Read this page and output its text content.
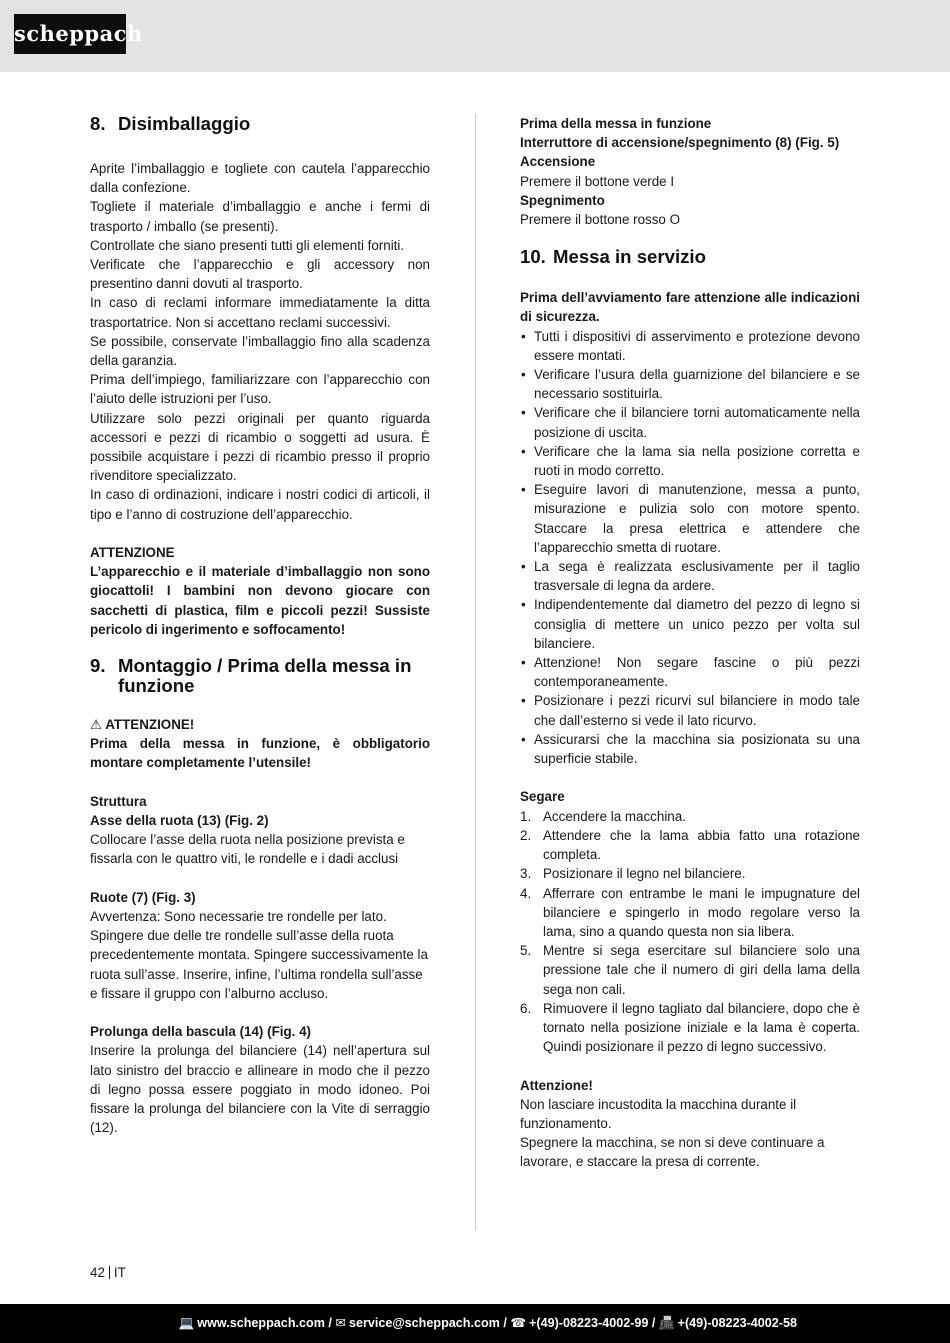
scheppach
8. Disimballaggio

Aprite l’imballaggio e togliete con cautela l’apparecchio dalla confezione.

Togliete il materiale d’imballaggio e anche i fermi di trasporto / imballo (se presenti).

Controllate che siano presenti tutti gli elementi forniti.

Verificate che l’apparecchio e gli accessory non presentino danni dovuti al trasporto.

In caso di reclami informare immediatamente la ditta trasportatrice. Non si accettano reclami successivi.

Se possibile, conservate l’imballaggio fino alla scadenza della garanzia.

Prima dell’impiego, familiarizzare con l’apparecchio con l’aiuto delle istruzioni per l’uso.

Utilizzare solo pezzi originali per quanto riguarda accessori e pezzi di ricambio o soggetti ad usura. È possibile acquistare i pezzi di ricambio presso il proprio rivenditore specializzato.

In caso di ordinazioni, indicare i nostri codici di articoli, il tipo e l’anno di costruzione dell’apparecchio.

ATTENZIONE

L’apparecchio e il materiale d’imballaggio non sono giocattoli! I bambini non devono giocare con sacchetti di plastica, film e piccoli pezzi! Sussiste pericolo di ingerimento e soffocamento!

9. Montaggio / Prima della messa in
funzione
⚠ ATTENZIONE!

Prima della messa in funzione, è obbligatorio montare completamente l’utensile!

Struttura
Asse della ruota (13) (Fig. 2)

Collocare l’asse della ruota nella posizione prevista e fissarla con le quattro viti, le rondelle e i dadi acclusi

Ruote (7) (Fig. 3)

Avvertenza: Sono necessarie tre rondelle per lato. Spingere due delle tre rondelle sull’asse della ruota precedentemente montata. Spingere successivamente la ruota sull’asse. Inserire, infine, l’ultima rondella sull’asse e fissare il gruppo con l’alburno accluso.

Prolunga della bascula (14) (Fig. 4)

Inserire la prolunga del bilanciere (14) nell’apertura sul lato sinistro del braccio e allineare in modo che il pezzo di legno possa essere poggiato in modo idoneo. Poi fissare la prolunga del bilanciere con la Vite di serraggio (12).

Prima della messa in funzione
Interruttore di accensione/spegnimento (8) (Fig. 5)
Accensione
Premere il bottone verde I
Spegnimento
Premere il bottone rosso O
10. Messa in servizio

Prima dell’avviamento fare attenzione alle indicazioni di sicurezza.

• Tutti i dispositivi di asservimento e protezione devono essere montati.
• Verificare l’usura della guarnizione del bilanciere e se necessario sostituirla.
• Verificare che il bilanciere torni automaticamente nella posizione di uscita.
• Verificare che la lama sia nella posizione corretta e ruoti in modo corretto.
• Eseguire lavori di manutenzione, messa a punto, misurazione e pulizia solo con motore spento. Staccare la presa elettrica e attendere che l’apparecchio smetta di ruotare.
• La sega è realizzata esclusivamente per il taglio trasversale di legna da ardere.
• Indipendentemente dal diametro del pezzo di legno si consiglia di mettere un unico pezzo per volta sul bilanciere.
• Attenzione! Non segare fascine o più pezzi contemporaneamente.
• Posizionare i pezzi ricurvi sul bilanciere in modo tale che dall’esterno si vede il lato ricurvo.
• Assicurarsi che la macchina sia posizionata su una superficie stabile.
Segare
1. Accendere la macchina.
2. Attendere che la lama abbia fatto una rotazione completa.
3. Posizionare il legno nel bilanciere.
4. Afferrare con entrambe le mani le impugnature del bilanciere e spingerlo in modo regolare verso la lama, sino a quando questa non sia libera.
5. Mentre si sega esercitare sul bilanciere solo una pressione tale che il numero di giri della lama della sega non cali.
6. Rimuovere il legno tagliato dal bilanciere, dopo che è tornato nella posizione iniziale e la lama è coperta. Quindi posizionare il pezzo di legno successivo.
Attenzione!

Non lasciare incustodita la macchina durante il funzionamento.

Spegnere la macchina, se non si deve continuare a lavorare, e staccare la presa di corrente.

42 IT
💻 www.scheppach.com / ✉ service@scheppach.com / ☎ +(49)-08223-4002-99 / 📠 +(49)-08223-4002-58
